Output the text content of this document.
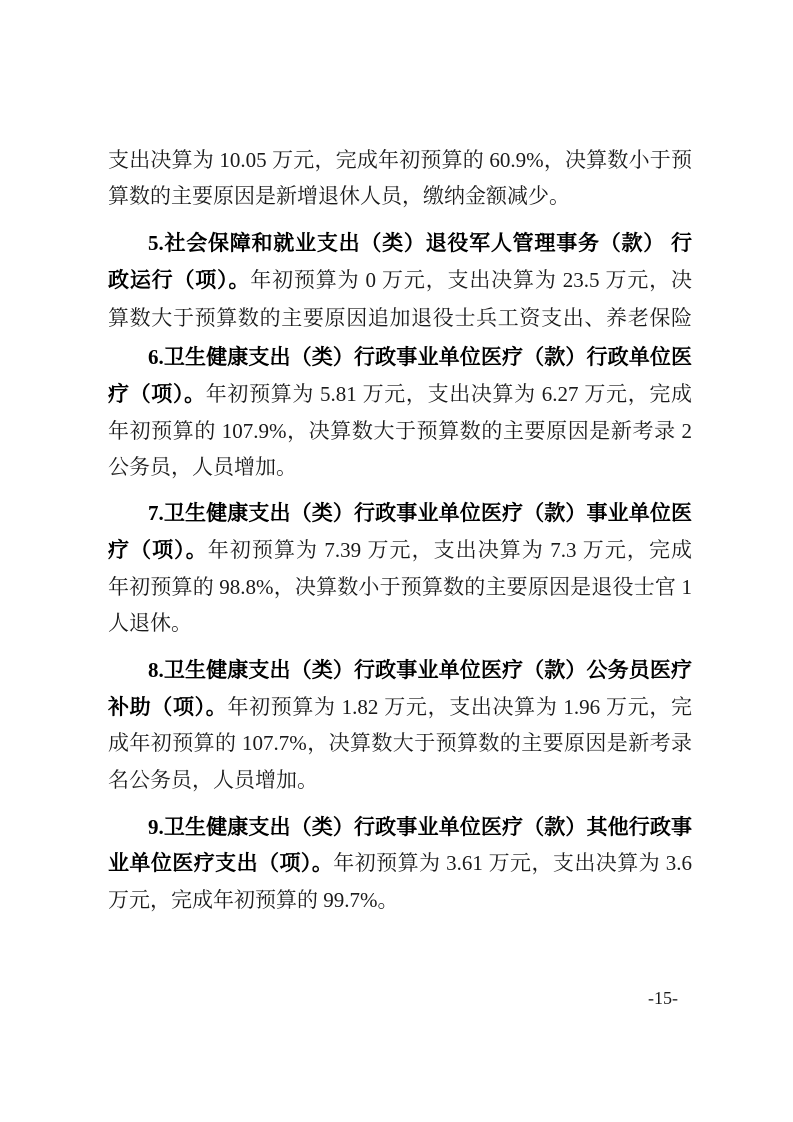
支出决算为 10.05 万元，完成年初预算的 60.9%，决算数小于预
算数的主要原因是新增退休人员，缴纳金额减少。
5.社会保障和就业支出（类）退役军人管理事务（款） 行
政运行（项）。年初预算为 0 万元，支出决算为 23.5 万元，决
算数大于预算数的主要原因追加退役士兵工资支出、养老保险
6.卫生健康支出（类）行政事业单位医疗（款）行政单位医
疗（项）。年初预算为 5.81 万元，支出决算为 6.27 万元，完成
年初预算的 107.9%，决算数大于预算数的主要原因是新考录 2
公务员，人员增加。
7.卫生健康支出（类）行政事业单位医疗（款）事业单位医
疗（项）。年初预算为 7.39 万元，支出决算为 7.3 万元，完成
年初预算的 98.8%，决算数小于预算数的主要原因是退役士官 1
人退休。
8.卫生健康支出（类）行政事业单位医疗（款）公务员医疗
补助（项）。年初预算为 1.82 万元，支出决算为 1.96 万元，完
成年初预算的 107.7%，决算数大于预算数的主要原因是新考录
名公务员，人员增加。
9.卫生健康支出（类）行政事业单位医疗（款）其他行政事
业单位医疗支出（项）。年初预算为 3.61 万元，支出决算为 3.6
万元，完成年初预算的 99.7%。
-15-
